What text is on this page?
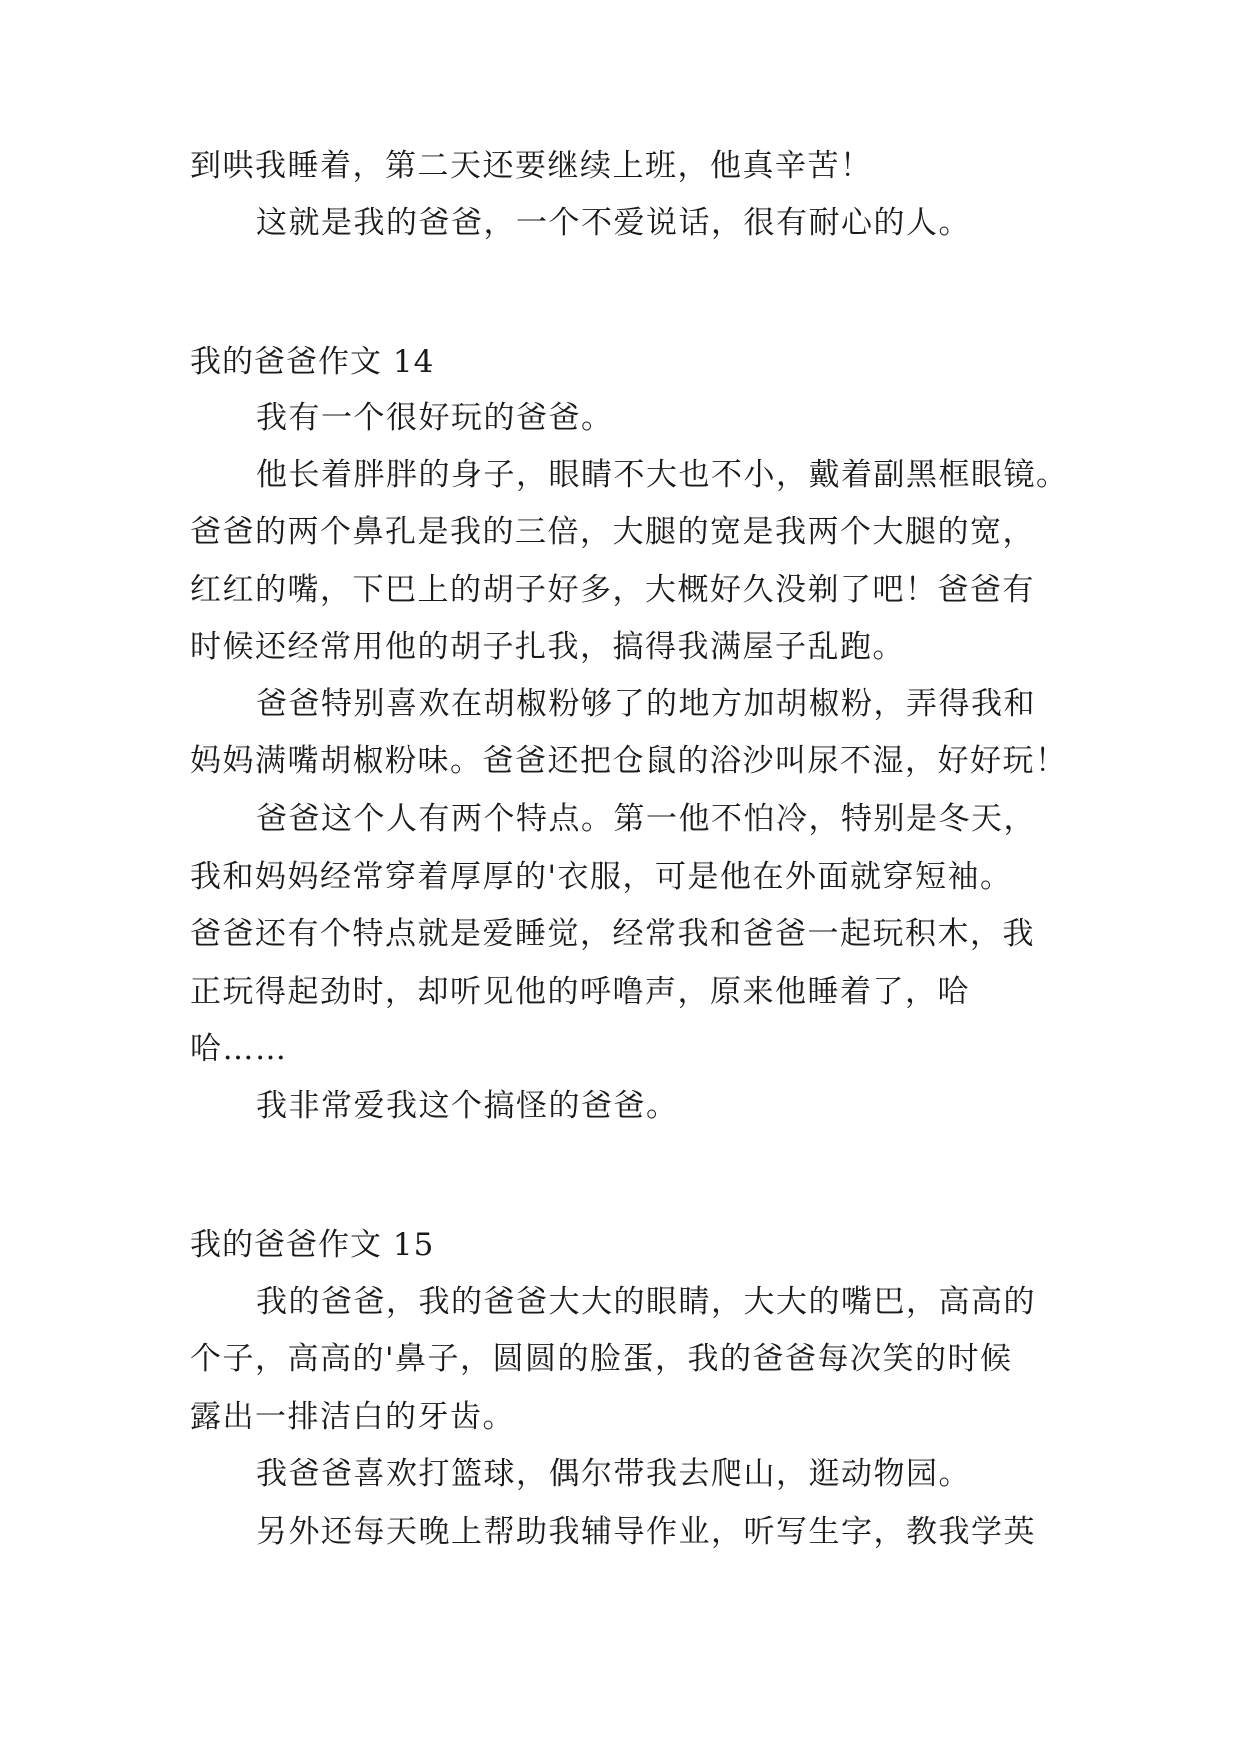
到哄我睡着，第二天还要继续上班，他真辛苦！

这就是我的爸爸，一个不爱说话，很有耐心的人。

我的爸爸作文 14

我有一个很好玩的爸爸。

他长着胖胖的身子，眼睛不大也不小，戴着副黑框眼镜。

爸爸的两个鼻孔是我的三倍，大腿的宽是我两个大腿的宽，

红红的嘴，下巴上的胡子好多，大概好久没剃了吧！爸爸有

时候还经常用他的胡子扎我，搞得我满屋子乱跑。

爸爸特别喜欢在胡椒粉够了的地方加胡椒粉，弄得我和

妈妈满嘴胡椒粉味。爸爸还把仓鼠的浴沙叫尿不湿，好好玩！

爸爸这个人有两个特点。第一他不怕冷，特别是冬天，

我和妈妈经常穿着厚厚的'衣服，可是他在外面就穿短袖。

爸爸还有个特点就是爱睡觉，经常我和爸爸一起玩积木，我

正玩得起劲时，却听见他的呼噜声，原来他睡着了，哈

哈……

我非常爱我这个搞怪的爸爸。

我的爸爸作文 15

我的爸爸，我的爸爸大大的眼睛，大大的嘴巴，高高的

个子，高高的'鼻子，圆圆的脸蛋，我的爸爸每次笑的时候

露出一排洁白的牙齿。

我爸爸喜欢打篮球，偶尔带我去爬山，逛动物园。

另外还每天晚上帮助我辅导作业，听写生字，教我学英
